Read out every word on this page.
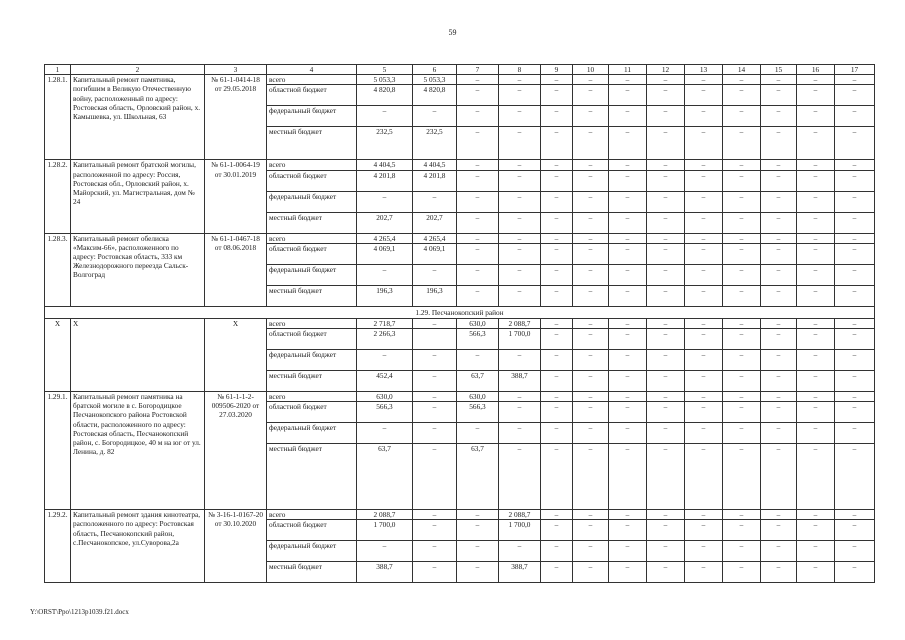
59
1	2	3	4	5	6	7	8	9	10	11	12	13	14	15	16	17
1.28.1.	Капитальный ремонт памятника, погибшим в Великую Отечественную войну, расположенный по адресу: Ростовская область, Орловский район, х. Камышевка, ул. Школьная, 63	№ 61-1-0414-18 от 29.05.2018	всего	5 053,3	5 053,3	–	–	–	–	–	–	–	–	–	–	–
			областной бюджет	4 820,8	4 820,8	–	–	–	–	–	–	–	–	–	–	–
			федеральный бюджет	–	–	–	–	–	–	–	–	–	–	–	–	–
			местный бюджет	232,5	232,5	–	–	–	–	–	–	–	–	–	–	–
1.28.2.	Капитальный ремонт братской могилы, расположенной по адресу: Россия, Ростовская обл., Орловский район, х. Майорский, ул. Магистральная, дом № 24	№ 61-1-0064-19 от 30.01.2019	всего	4 404,5	4 404,5	–	–	–	–	–	–	–	–	–	–	–
			областной бюджет	4 201,8	4 201,8	–	–	–	–	–	–	–	–	–	–	–
			федеральный бюджет	–	–	–	–	–	–	–	–	–	–	–	–	–
			местный бюджет	202,7	202,7	–	–	–	–	–	–	–	–	–	–	–
1.28.3.	Капитальный ремонт обелиска «Максим-66», расположенного по адресу: Ростовская область, 333 км Железнодорожного переезда Сальск-Волгоград	№ 61-1-0467-18 от 08.06.2018	всего	4 265,4	4 265,4	–	–	–	–	–	–	–	–	–	–	–
			областной бюджет	4 069,1	4 069,1	–	–	–	–	–	–	–	–	–	–	–
			федеральный бюджет	–	–	–	–	–	–	–	–	–	–	–	–	–
			местный бюджет	196,3	196,3	–	–	–	–	–	–	–	–	–	–	–
1.29. Песчанокопский район																
Х	Х	Х	всего	2 718,7	–	630,0	2 088,7	–	–	–	–	–	–	–	–	–
			областной бюджет	2 266,3		566,3	1 700,0	–	–	–	–	–	–	–	–	–
			федеральный бюджет	–	–	–	–	–	–	–	–	–	–	–	–	–
			местный бюджет	452,4	–	63,7	388,7	–	–	–	–	–	–	–	–	–
1.29.1.	Капитальный ремонт памятника на братской могиле в с. Богородицкое Песчанокопского района Ростовской области, расположенного по адресу: Ростовская область, Песчанокопский район, с. Богородицкое, 40 м на юг от ул. Ленина, д. 82	№ 61-1-1-2-009506-2020 от 27.03.2020	всего	630,0	–	630,0	–	–	–	–	–	–	–	–	–	–
			областной бюджет	566,3	–	566,3	–	–	–	–	–	–	–	–	–	–
			федеральный бюджет	–	–	–	–	–	–	–	–	–	–	–	–	–
			местный бюджет	63,7	–	63,7	–	–	–	–	–	–	–	–	–	–
1.29.2.	Капитальный ремонт здания кинотеатра, расположенного по адресу: Ростовская область, Песчанокопский район, с.Песчанокопское, ул.Суворова,2а	№ 3-16-1-0167-20 от 30.10.2020	всего	2 088,7	–	–	2 088,7	–	–	–	–	–	–	–	–	–
			областной бюджет	1 700,0	–	–	1 700,0	–	–	–	–	–	–	–	–	–
			федеральный бюджет	–	–	–	–	–	–	–	–	–	–	–	–	–
			местный бюджет	388,7	–	–	388,7	–	–	–	–	–	–	–	–	–
Y:\ORST\Ppo\1213p1039.f21.docx
